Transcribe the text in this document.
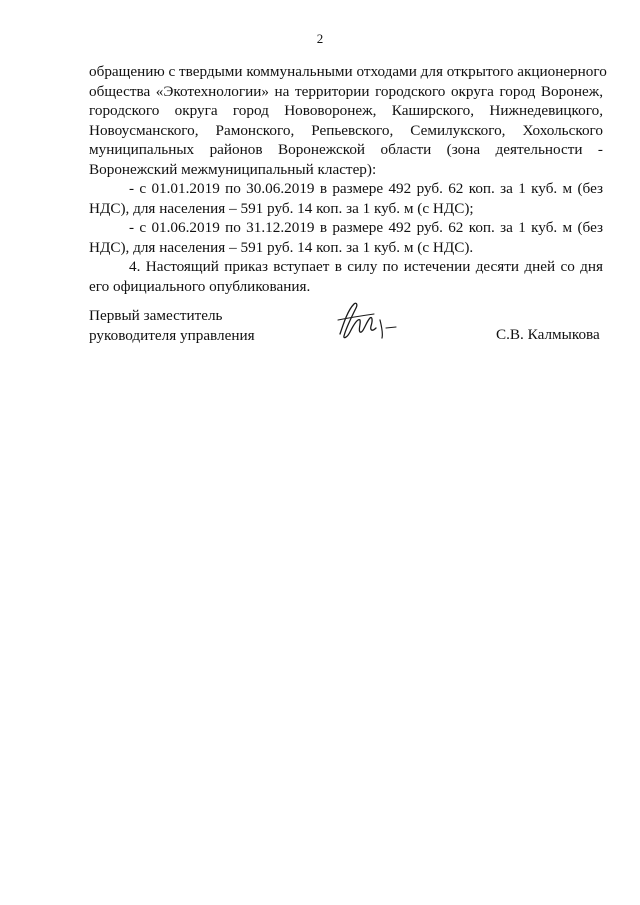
2
обращению с твердыми коммунальными отходами для открытого акционерного
общества «Экотехнологии» на территории городского округа город Воронеж,
городского округа город Нововоронеж, Каширского, Нижнедевицкого,
Новоусманского, Рамонского, Репьевского, Семилукского, Хохольского
муниципальных районов Воронежской области (зона деятельности -
Воронежский межмуниципальный кластер):
- с 01.01.2019 по 30.06.2019 в размере 492 руб. 62 коп. за 1 куб. м (без
НДС), для населения – 591 руб. 14 коп. за 1 куб. м (с НДС);
- с 01.06.2019 по 31.12.2019 в размере 492 руб. 62 коп. за 1 куб. м (без
НДС), для населения – 591 руб. 14 коп. за 1 куб. м (с НДС).
4. Настоящий приказ вступает в силу по истечении десяти дней со дня
его официального опубликования.
Первый заместитель
руководителя управления	С.В. Калмыкова
